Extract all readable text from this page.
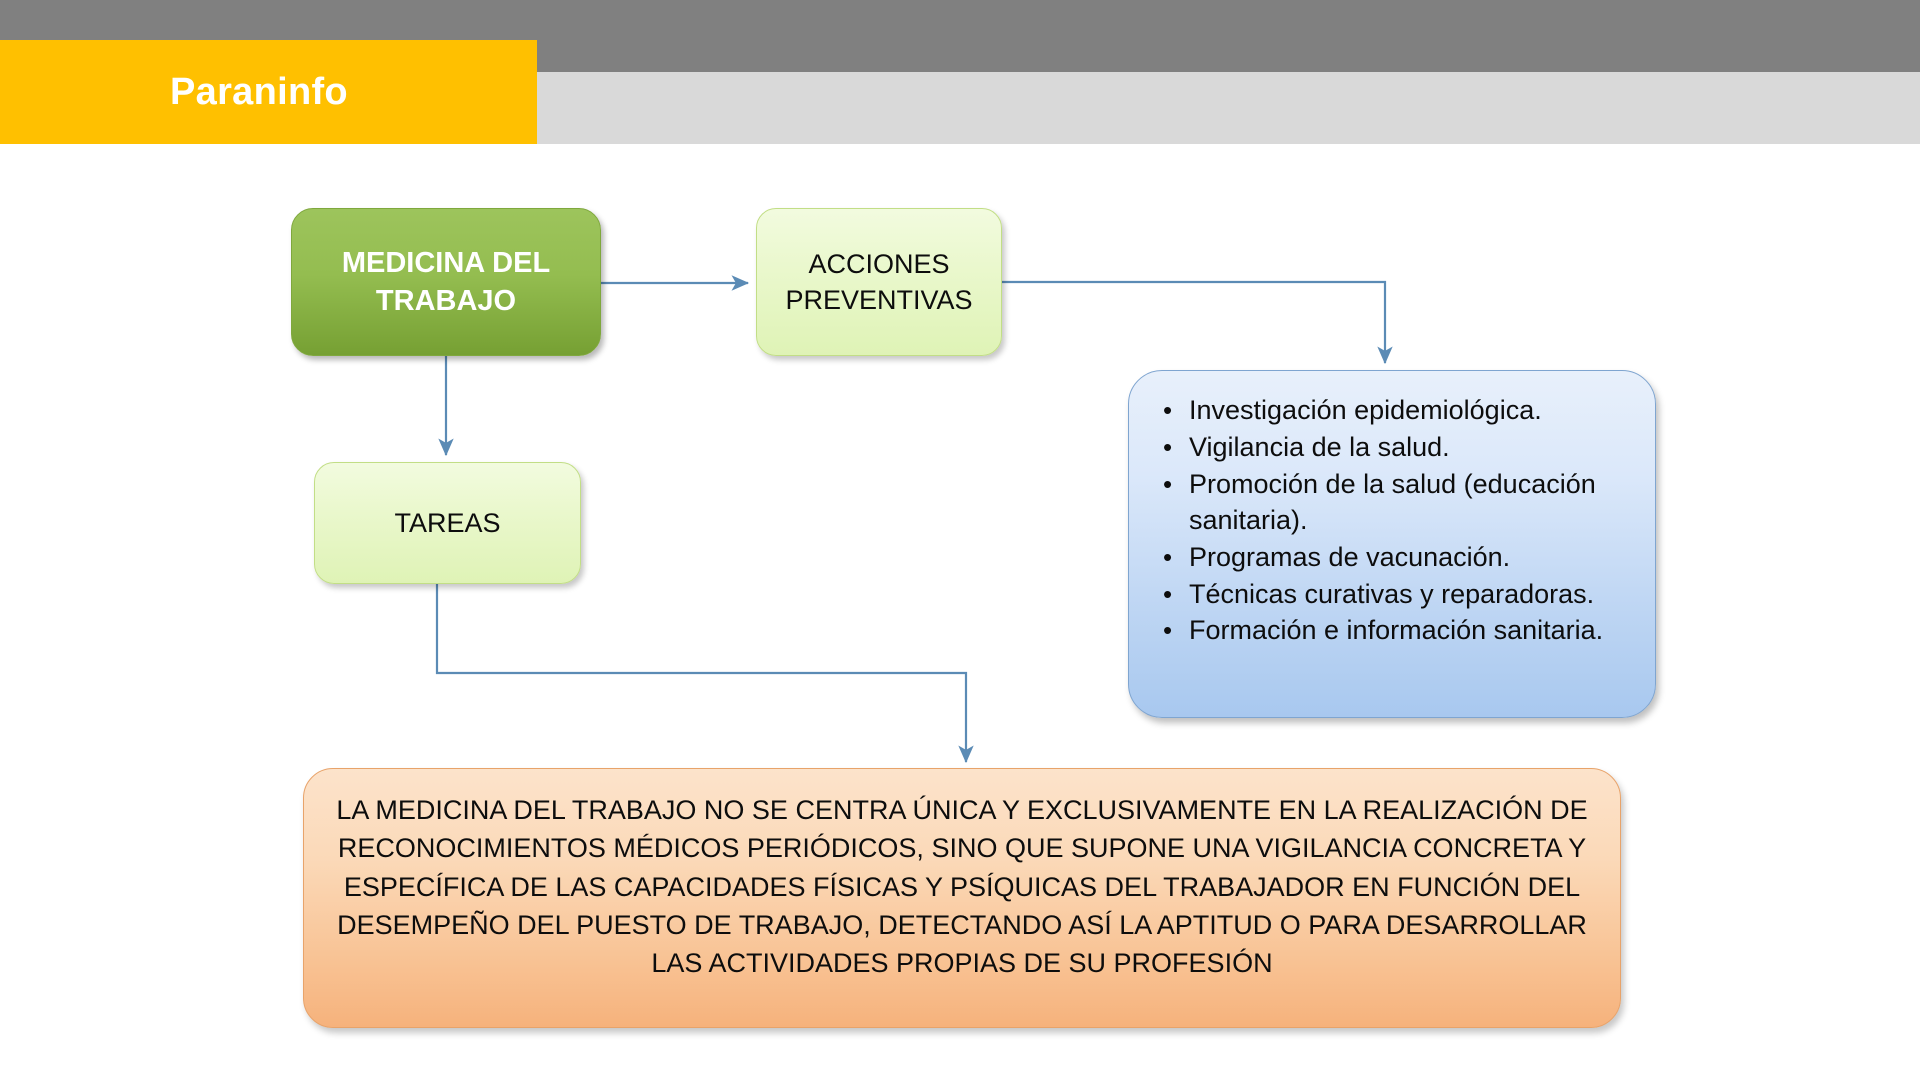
Paraninfo
MEDICINA DEL TRABAJO
ACCIONES PREVENTIVAS
TAREAS
• Investigación epidemiológica.
• Vigilancia de la salud.
• Promoción de la salud (educación sanitaria).
• Programas de vacunación.
• Técnicas curativas y reparadoras.
• Formación e información sanitaria.
LA MEDICINA DEL TRABAJO NO SE CENTRA ÚNICA Y EXCLUSIVAMENTE EN LA REALIZACIÓN DE RECONOCIMIENTOS MÉDICOS PERIÓDICOS, SINO QUE SUPONE UNA VIGILANCIA CONCRETA Y ESPECÍFICA DE LAS CAPACIDADES FÍSICAS Y PSÍQUICAS DEL TRABAJADOR EN FUNCIÓN DEL DESEMPEÑO DEL PUESTO DE TRABAJO, DETECTANDO ASÍ LA APTITUD O PARA DESARROLLAR LAS ACTIVIDADES PROPIAS DE SU PROFESIÓN
